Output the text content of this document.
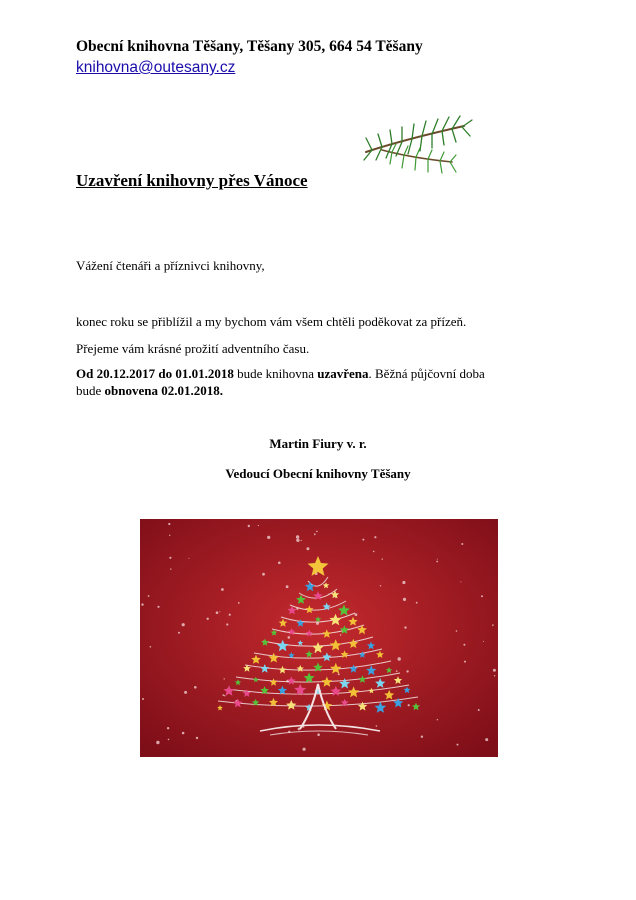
Obecní knihovna Těšany, Těšany 305, 664 54 Těšany
knihovna@outesany.cz
Uzavření knihovny přes Vánoce
Vážení čtenáři a příznivci knihovny,
konec roku se přiblížil a my bychom vám všem chtěli poděkovat za přízeň.
Přejeme vám krásné prožití adventního času.
Od 20.12.2017 do 01.01.2018 bude knihovna uzavřena. Běžná půjčovní doba
bude obnovena 02.01.2018.
Martin Fiury v. r.
Vedoucí Obecní knihovny Těšany
